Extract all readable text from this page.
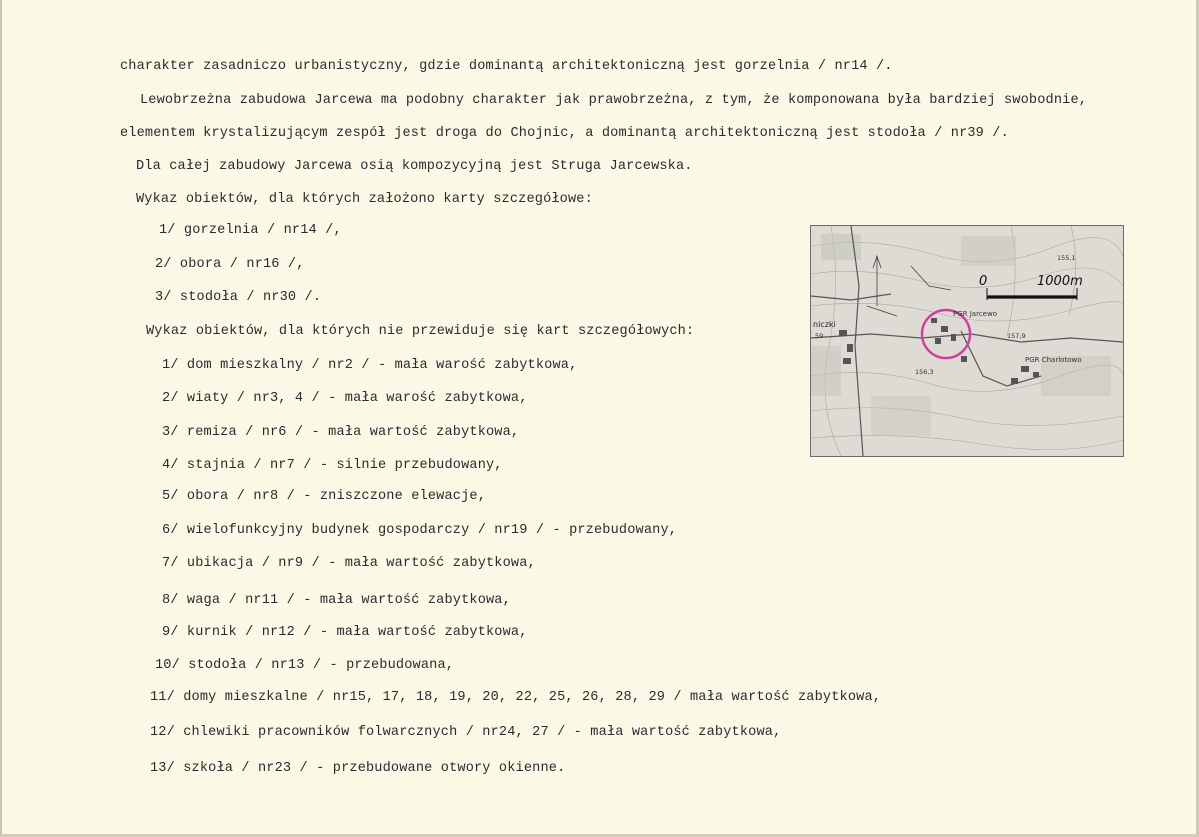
charakter zasadniczo urbanistyczny, gdzie dominantą architektoniczną jest gorzelnia / nr14 /.
Lewobrzeżna zabudowa Jarcewa ma podobny charakter jak prawobrzeżna, z tym, że komponowana była bardziej swobodnie,
elementem krystalizującym zespół jest droga do Chojnic, a dominantą architektoniczną jest stodoła / nr39 /.
Dla całej zabudowy Jarcewa osią kompozycyjną jest Struga Jarcewska.
Wykaz obiektów, dla których założono karty szczegółowe:
1/ gorzelnia / nr14 /,
2/ obora / nr16 /,
3/ stodoła / nr30 /.
Wykaz obiektów, dla których nie przewiduje się kart szczegółowych:
1/ dom mieszkalny / nr2 / - mała warość zabytkowa,
2/ wiaty / nr3, 4 / - mała warość zabytkowa,
3/ remiza / nr6 / - mała wartość zabytkowa,
4/ stajnia / nr7 / - silnie przebudowany,
5/ obora / nr8 / - zniszczone elewacje,
6/ wielofunkcyjny budynek gospodarczy / nr19 / - przebudowany,
7/ ubikacja / nr9 / - mała wartość zabytkowa,
8/ waga / nr11 / - mała wartość zabytkowa,
9/ kurnik / nr12 / - mała wartość zabytkowa,
10/ stodoła / nr13 / - przebudowana,
11/ domy mieszkalne / nr15, 17, 18, 19, 20, 22, 25, 26, 28, 29 / mała wartość zabytkowa,
12/ chlewiki pracowników folwarcznych / nr24, 27 / - mała wartość zabytkowa,
13/ szkoła / nr23 / - przebudowane otwory okienne.
0	1000m
PGR Jarcewo
PGR Charlotowo
155,1
157,9
156,3
niczki
59
